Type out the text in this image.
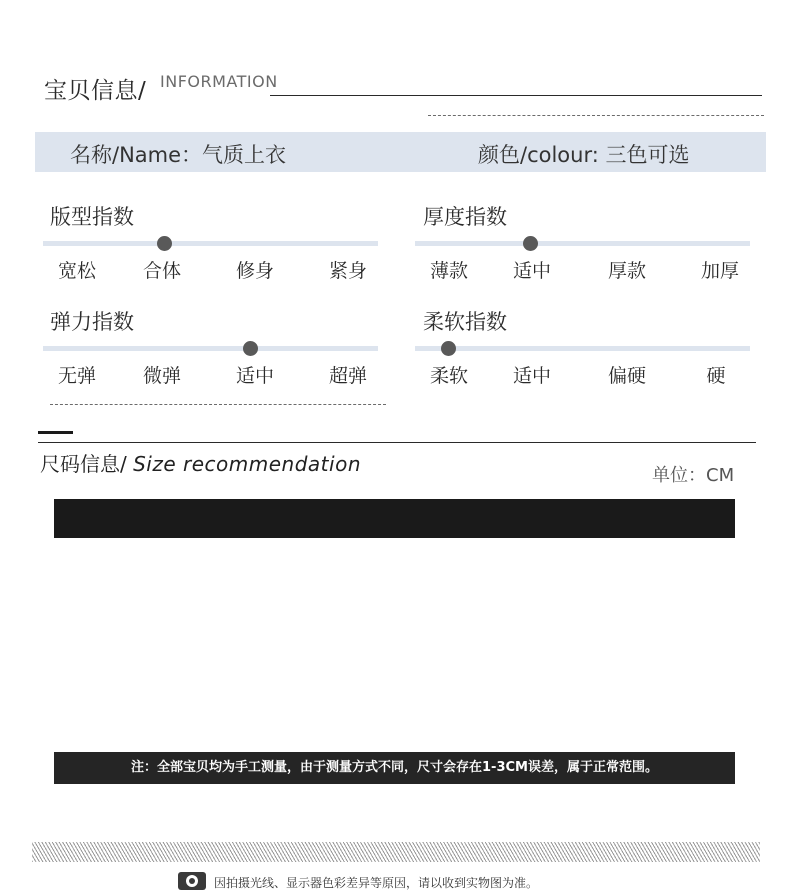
宝贝信息/ INFORMATION
名称/Name：气质上衣	颜色/colour: 三色可选
版型指数
宽松	合体	修身	紧身
厚度指数
薄款	适中	厚款	加厚
弹力指数
无弹	微弹	适中	超弹
柔软指数
柔软	适中	偏硬	硬
尺码信息/ Size recommendation	单位：CM
注：全部宝贝均为手工测量，由于测量方式不同，尺寸会存在1-3CM误差，属于正常范围。
因拍摄光线、显示器色彩差异等原因，请以收到实物图为准。
